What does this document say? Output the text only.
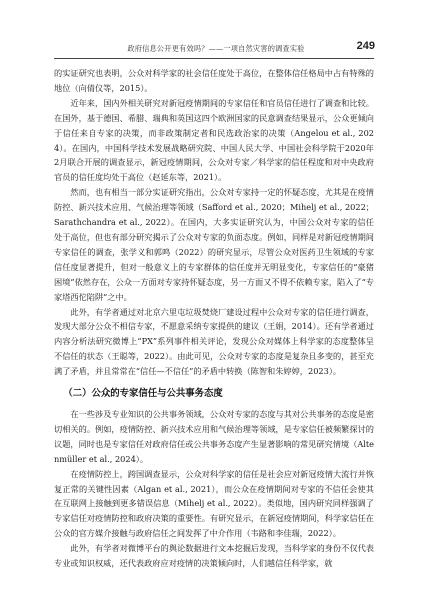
政府信息公开更有效吗？——一项自然灾害的调查实验	249

的实证研究也表明，公众对科学家的社会信任度处于高位，在整体信任格局中占有特殊的地位（向倩仪等，2015）。

近年来，国内外相关研究对新冠疫情期间的专家信任和官员信任进行了调查和比较。在国外，基于德国、希腊、瑞典和英国这四个欧洲国家的民意调查结果显示，公众更倾向于信任来自专家的决策，而非政策制定者和民选政治家的决策（Angelou et al., 2024）。在国内，中国科学技术发展战略研究院、中国人民大学、中国社会科学院于2020年2月联合开展的调查显示，新冠疫情期间，公众对专家／科学家的信任程度和对中央政府官员的信任度均处于高位（赵延东等，2021）。

然而，也有相当一部分实证研究指出，公众对专家持一定的怀疑态度，尤其是在疫情防控、新兴技术应用、气候治理等领域（Safford et al., 2020；Mihelj et al., 2022；Sarathchandra et al., 2022）。在国内，大多实证研究认为，中国公众对专家的信任处于高位，但也有部分研究揭示了公众对专家的负面态度。例如，同样是对新冠疫情期间专家信任的调查，张学义和郭鸣（2022）的研究显示，尽管公众对医药卫生领域的专家信任度显著提升，但对一般意义上的专家群体的信任度并无明显变化，专家信任的“豪猪困境”依然存在，公众一方面对专家持怀疑态度，另一方面又不得不依赖专家，陷入了“专家塔西佗陷阱”之中。

此外，有学者通过对北京六里屯垃圾焚烧厂建设过程中公众对专家的信任进行调查，发现大部分公众不相信专家，不愿意采纳专家提供的建议（王娟，2014）。还有学者通过内容分析法研究微博上“PX”系列事件相关评论，发现公众对媒体上科学家的态度整体呈不信任的状态（王聪等，2022）。由此可见，公众对专家的态度是复杂且多变的，甚至充满了矛盾，并且常常在“信任—不信任”的矛盾中转换（陈智和朱婷婷，2023）。

（二）公众的专家信任与公共事务态度

在一些涉及专业知识的公共事务领域，公众对专家的态度与其对公共事务的态度是密切相关的。例如，疫情防控、新兴技术应用和气候治理等领域，是专家信任被频繁探讨的议题，同时也是专家信任对政府信任或公共事务态度产生显著影响的常见研究情境（Altenmüller et al., 2024）。

在疫情防控上，跨国调查显示，公众对科学家的信任是社会应对新冠疫情大流行并恢复正常的关键性因素（Algan et al., 2021），而公众在疫情期间对专家的不信任会使其在互联网上接触到更多错误信息（Mihelj et al., 2022）。类似地，国内研究同样强调了专家信任对疫情防控和政府决策的重要性。有研究显示，在新冠疫情期间，科学家信任在公众的官方媒介接触与政府信任之间发挥了中介作用（韦路和李佳瑞，2022）。

此外，有学者对微博平台的舆论数据进行文本挖掘后发现，当科学家的身份不仅代表专业或知识权威，还代表政府应对疫情的决策倾向时，人们越信任科学家，就
